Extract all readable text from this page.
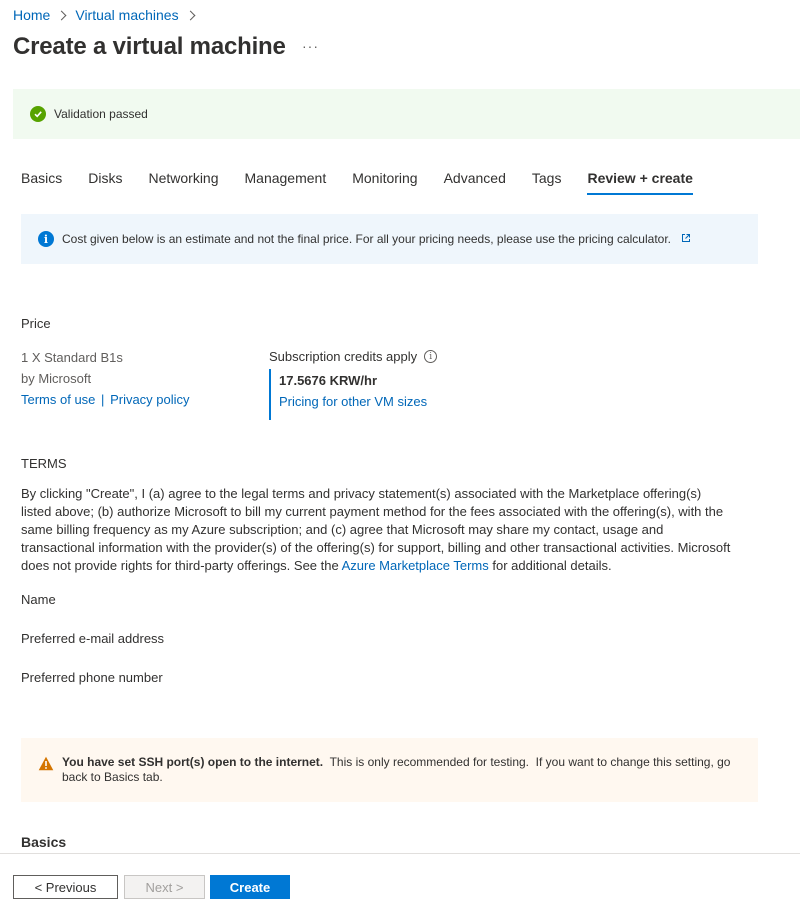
Home Virtual machines
Create a virtual machine ···
Validation passed
Basics Disks Networking Management Monitoring Advanced Tags Review + create
i	Cost given below is an estimate and not the final price. For all your pricing needs, please use the pricing calculator.
Price
1 X Standard B1s
by Microsoft
Terms of use | Privacy policy
Subscription credits apply	i
17.5676 KRW/hr
Pricing for other VM sizes
TERMS

By clicking "Create", I (a) agree to the legal terms and privacy statement(s) associated with the Marketplace offering(s) listed above; (b) authorize Microsoft to bill my current payment method for the fees associated with the offering(s), with the same billing frequency as my Azure subscription; and (c) agree that Microsoft may share my contact, usage and transactional information with the provider(s) of the offering(s) for support, billing and other transactional activities. Microsoft does not provide rights for third-party offerings. See the Azure Marketplace Terms for additional details.

Name
Preferred e-mail address
Preferred phone number
You have set SSH port(s) open to the internet.  This is only recommended for testing.  If you want to change this setting, go back to Basics tab.
Basics
< Previous	Next >	Create
